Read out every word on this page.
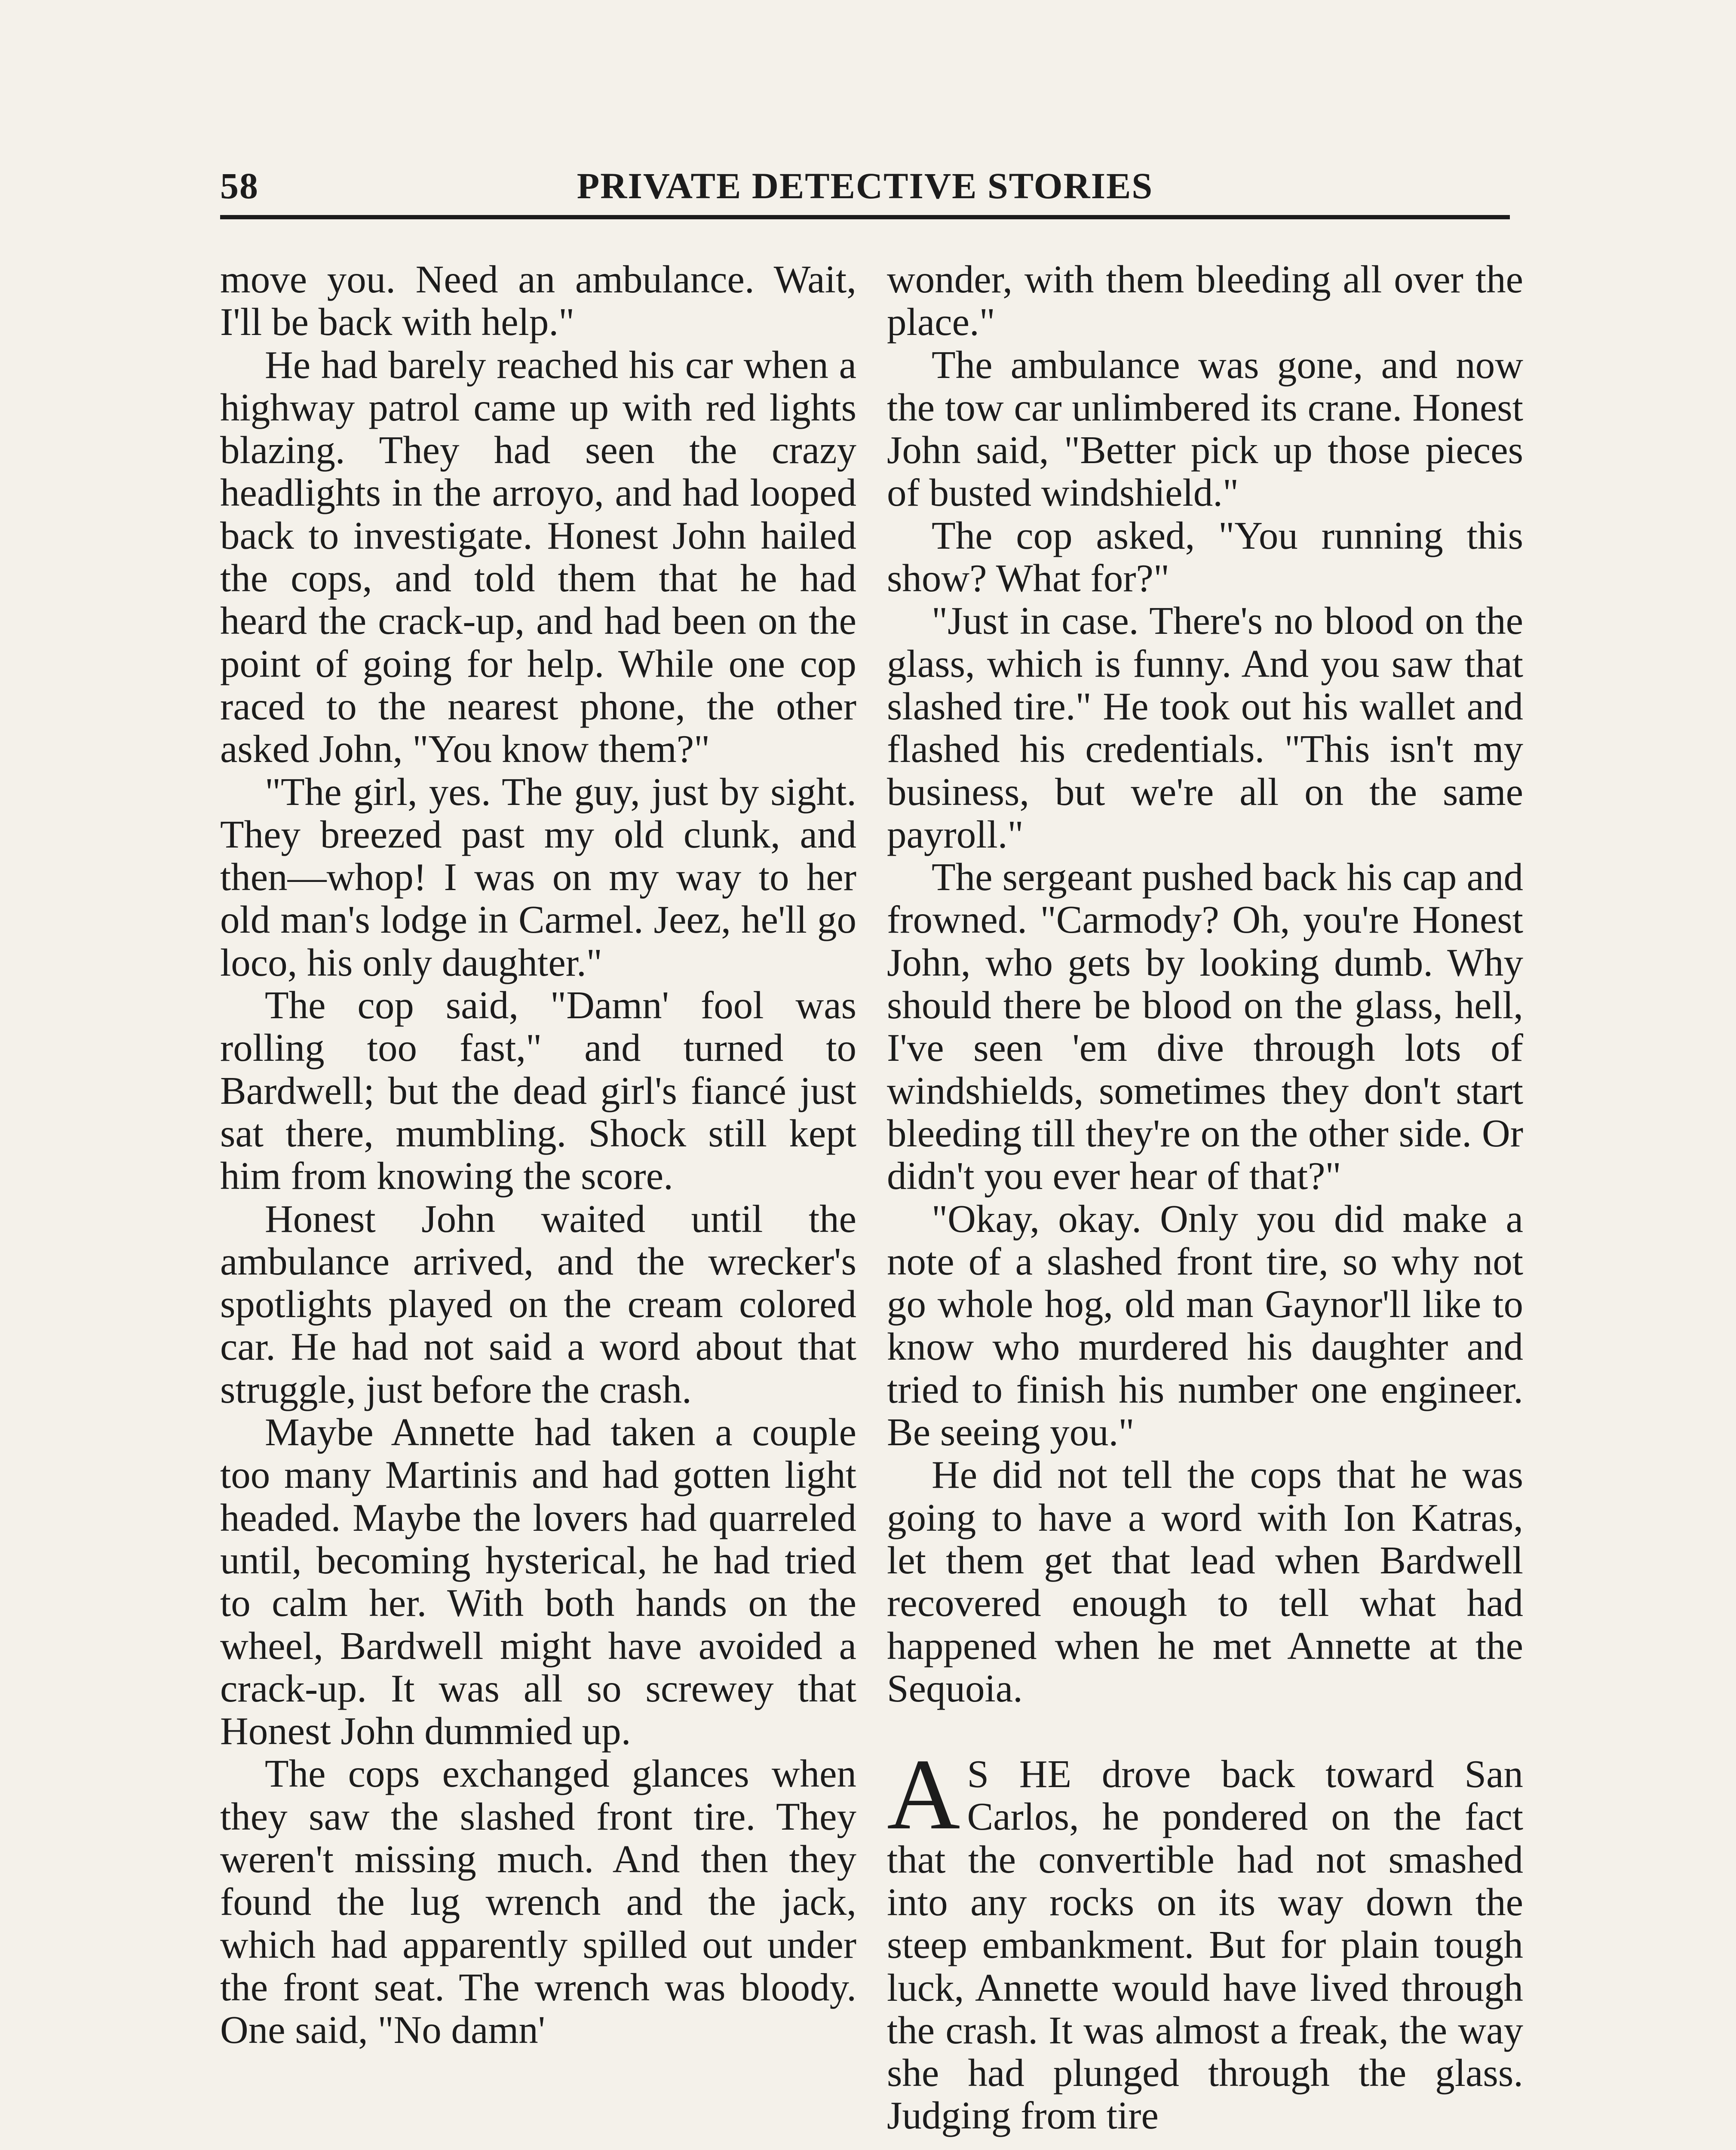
58	PRIVATE DETECTIVE STORIES

move you. Need an ambulance. Wait, I'll be back with help."

He had barely reached his car when a highway patrol came up with red lights blazing. They had seen the crazy headlights in the arroyo, and had looped back to investigate. Honest John hailed the cops, and told them that he had heard the crack-up, and had been on the point of going for help. While one cop raced to the nearest phone, the other asked John, "You know them?"

"The girl, yes. The guy, just by sight. They breezed past my old clunk, and then—whop! I was on my way to her old man's lodge in Carmel. Jeez, he'll go loco, his only daughter."

The cop said, "Damn' fool was rolling too fast," and turned to Bardwell; but the dead girl's fiancé just sat there, mumbling. Shock still kept him from knowing the score.

Honest John waited until the ambulance arrived, and the wrecker's spotlights played on the cream colored car. He had not said a word about that struggle, just before the crash.

Maybe Annette had taken a couple too many Martinis and had gotten light headed. Maybe the lovers had quarreled until, becoming hysterical, he had tried to calm her. With both hands on the wheel, Bardwell might have avoided a crack-up. It was all so screwey that Honest John dummied up.

The cops exchanged glances when they saw the slashed front tire. They weren't missing much. And then they found the lug wrench and the jack, which had apparently spilled out under the front seat. The wrench was bloody. One said, "No damn'

wonder, with them bleeding all over the place."

The ambulance was gone, and now the tow car unlimbered its crane. Honest John said, "Better pick up those pieces of busted windshield."

The cop asked, "You running this show? What for?"

"Just in case. There's no blood on the glass, which is funny. And you saw that slashed tire." He took out his wallet and flashed his credentials. "This isn't my business, but we're all on the same payroll."

The sergeant pushed back his cap and frowned. "Carmody? Oh, you're Honest John, who gets by looking dumb. Why should there be blood on the glass, hell, I've seen 'em dive through lots of windshields, sometimes they don't start bleeding till they're on the other side. Or didn't you ever hear of that?"

"Okay, okay. Only you did make a note of a slashed front tire, so why not go whole hog, old man Gaynor'll like to know who murdered his daughter and tried to finish his number one engineer. Be seeing you."

He did not tell the cops that he was going to have a word with Ion Katras, let them get that lead when Bardwell recovered enough to tell what had happened when he met Annette at the Sequoia.

A S HE drove back toward San Carlos, he pondered on the fact that the convertible had not smashed into any rocks on its way down the steep embankment. But for plain tough luck, Annette would have lived through the crash. It was almost a freak, the way she had plunged through the glass. Judging from tire
